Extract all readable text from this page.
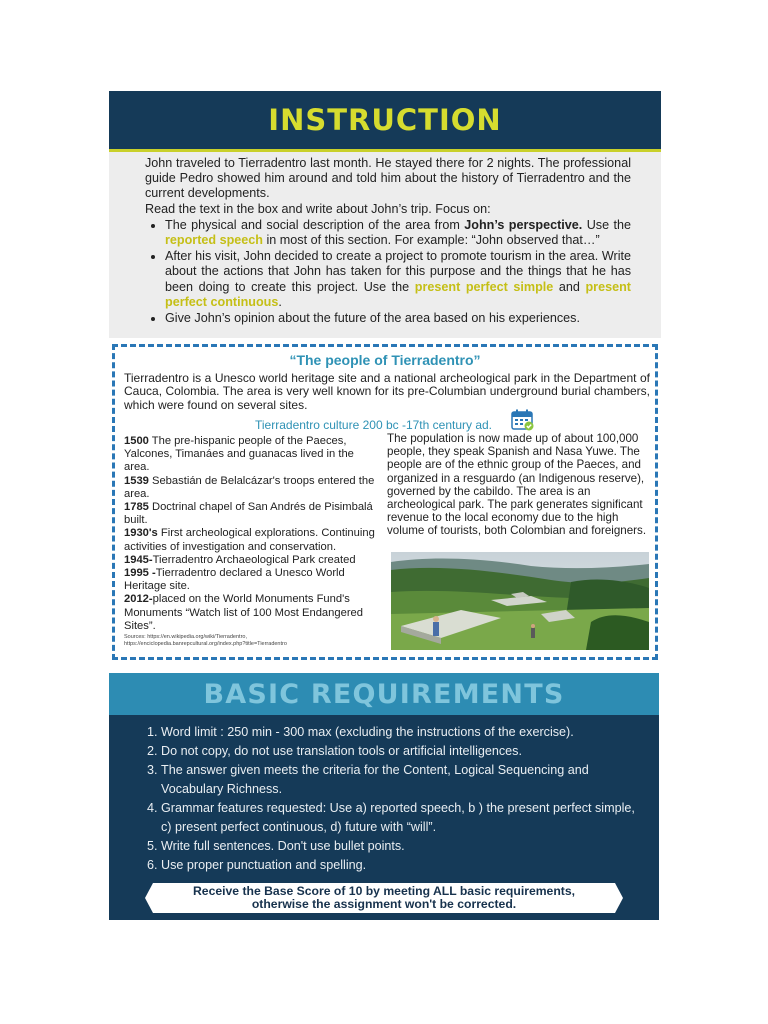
INSTRUCTION

John traveled to Tierradentro last month. He stayed there for 2 nights. The professional guide Pedro showed him around and told him about the history of Tierradentro and the current developments.

Read the text in the box and write about John’s trip. Focus on:

• The physical and social description of the area from John’s perspective. Use the reported speech in most of this section. For example: “John observed that…”
• After his visit, John decided to create a project to promote tourism in the area. Write about the actions that John has taken for this purpose and the things that he has been doing to create this project. Use the present perfect simple and present perfect continuous.
• Give John’s opinion about the future of the area based on his experiences.
“The people of Tierradentro”
Tierradentro is a Unesco world heritage site and a national archeological park in the Department of Cauca, Colombia. The area is very well known for its pre-Columbian underground burial chambers, which were found on several sites.
Tierradentro culture 200 bc -17th century ad.
1500 The pre-hispanic people of the Paeces, Yalcones, Timanáes and guanacas lived in the area.
1539 Sebastián de Belalcázar's troops entered the area.
1785 Doctrinal chapel of San Andrés de Pisimbalá built.
1930's First archeological explorations. Continuing activities of investigation and conservation.
1945-Tierradentro Archaeological Park created
1995 -Tierradentro declared a Unesco World Heritage site.
2012-placed on the World Monuments Fund's Monuments “Watch list of 100 Most Endangered Sites”.
The population is now made up of about 100,000 people, they speak Spanish and Nasa Yuwe. The people are of the ethnic group of the Paeces, and organized in a resguardo (an Indigenous reserve), governed by the cabildo. The area is an archeological park. The park generates significant revenue to the local economy due to the high volume of tourists, both Colombian and foreigners.
Sources: https://en.wikipedia.org/wiki/Tierradentro,
https://enciclopedia.banrepcultural.org/index.php?title=Tierradentro
BASIC REQUIREMENTS
1. Word limit : 250 min - 300 max (excluding the instructions of the exercise).
2. Do not copy, do not use translation tools or artificial intelligences.
3. The answer given meets the criteria for the Content, Logical Sequencing and Vocabulary Richness.
4. Grammar features requested: Use a) reported speech, b ) the present perfect simple, c) present perfect continuous, d) future with “will”.
5. Write full sentences. Don't use bullet points.
6. Use proper punctuation and spelling.
Receive the Base Score of 10 by meeting ALL basic requirements,
otherwise the assignment won't be corrected.
